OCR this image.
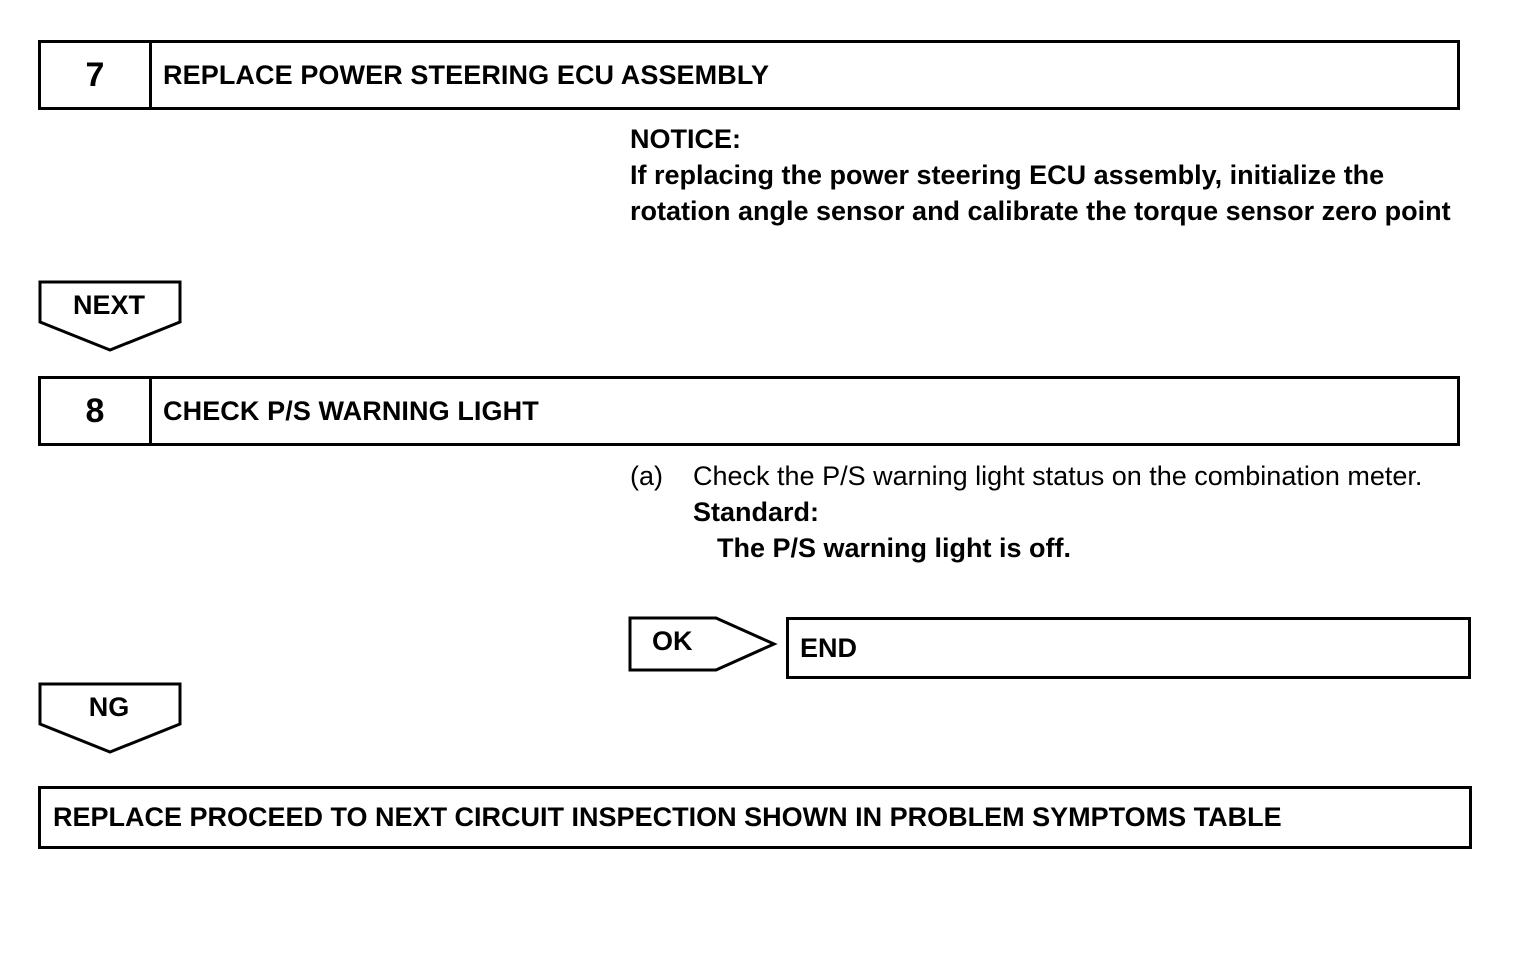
7	REPLACE POWER STEERING ECU ASSEMBLY
NOTICE:
If replacing the power steering ECU assembly, initialize the rotation angle sensor and calibrate the torque sensor zero point
NEXT
8	CHECK P/S WARNING LIGHT
(a)	Check the P/S warning light status on the combination meter.
Standard:
The P/S warning light is off.
OK	END
NG
REPLACE PROCEED TO NEXT CIRCUIT INSPECTION SHOWN IN PROBLEM SYMPTOMS TABLE
